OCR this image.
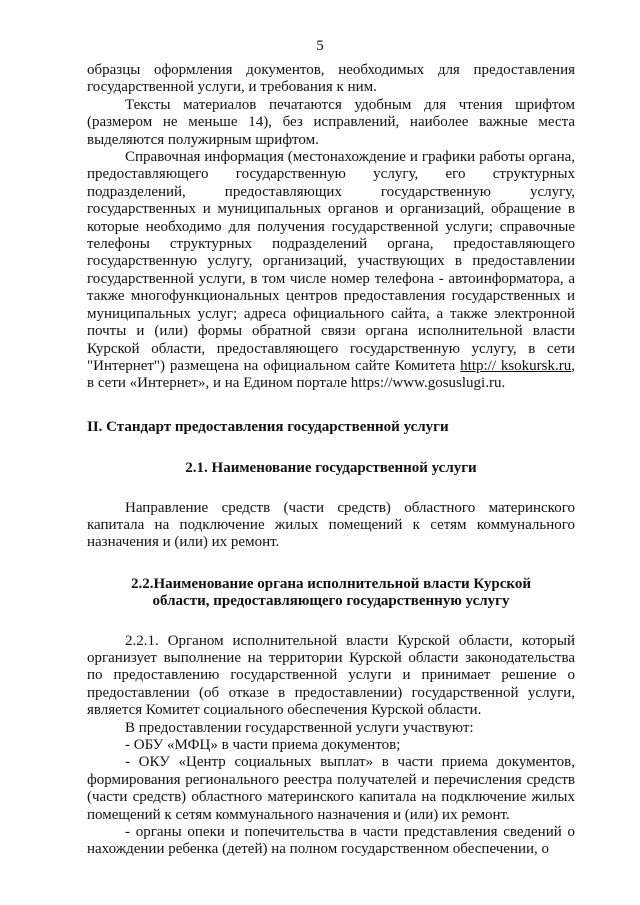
5

образцы оформления документов, необходимых для предоставления государственной услуги, и требования к ним.

Тексты материалов печатаются удобным для чтения шрифтом (размером не меньше 14), без исправлений, наиболее важные места выделяются полужирным шрифтом.

Справочная информация (местонахождение и графики работы органа, предоставляющего государственную услугу, его структурных подразделений, предоставляющих государственную услугу, государственных и муниципальных органов и организаций, обращение в которые необходимо для получения государственной услуги; справочные телефоны структурных подразделений органа, предоставляющего государственную услугу, организаций, участвующих в предоставлении государственной услуги, в том числе номер телефона - автоинформатора, а также многофункциональных центров предоставления государственных и муниципальных услуг; адреса официального сайта, а также электронной почты и (или) формы обратной связи органа исполнительной власти Курской области, предоставляющего государственную услугу, в сети "Интернет") размещена на официальном сайте Комитета http:// ksokursk.ru, в сети «Интернет», и на Едином портале https://www.gosuslugi.ru.

II. Стандарт предоставления государственной услуги

2.1. Наименование государственной услуги

Направление средств (части средств) областного материнского капитала на подключение жилых помещений к сетям коммунального назначения и (или) их ремонт.

2.2.Наименование органа исполнительной власти Курской
области, предоставляющего государственную услугу

2.2.1. Органом исполнительной власти Курской области, который организует выполнение на территории Курской области законодательства по предоставлению государственной услуги и принимает решение о предоставлении (об отказе в предоставлении) государственной услуги, является Комитет социального обеспечения Курской области.

В предоставлении государственной услуги участвуют:

- ОБУ «МФЦ» в части приема документов;

- ОКУ «Центр социальных выплат» в части приема документов, формирования регионального реестра получателей и перечисления средств (части средств) областного материнского капитала на подключение жилых помещений к сетям коммунального назначения и (или) их ремонт.

- органы опеки и попечительства в части представления сведений о нахождении ребенка (детей) на полном государственном обеспечении, о
